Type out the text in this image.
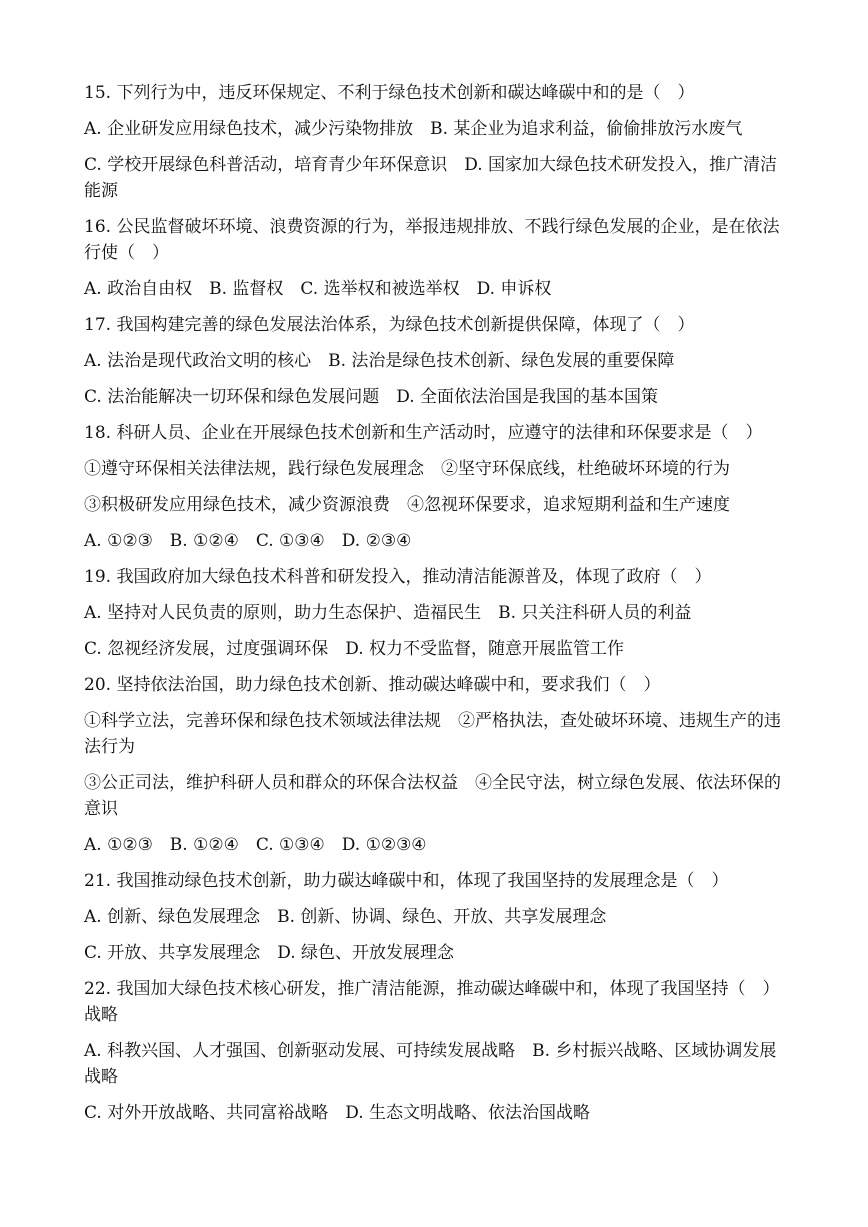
15. 下列行为中，违反环保规定、不利于绿色技术创新和碳达峰碳中和的是（　）
A. 企业研发应用绿色技术，减少污染物排放　B. 某企业为追求利益，偷偷排放污水废气
C. 学校开展绿色科普活动，培育青少年环保意识　D. 国家加大绿色技术研发投入，推广清洁能源
16. 公民监督破坏环境、浪费资源的行为，举报违规排放、不践行绿色发展的企业，是在依法行使（　）
A. 政治自由权　B. 监督权　C. 选举权和被选举权　D. 申诉权
17. 我国构建完善的绿色发展法治体系，为绿色技术创新提供保障，体现了（　）
A. 法治是现代政治文明的核心　B. 法治是绿色技术创新、绿色发展的重要保障
C. 法治能解决一切环保和绿色发展问题　D. 全面依法治国是我国的基本国策
18. 科研人员、企业在开展绿色技术创新和生产活动时，应遵守的法律和环保要求是（　）
①遵守环保相关法律法规，践行绿色发展理念　②坚守环保底线，杜绝破坏环境的行为
③积极研发应用绿色技术，减少资源浪费　④忽视环保要求，追求短期利益和生产速度
A. ①②③　B. ①②④　C. ①③④　D. ②③④
19. 我国政府加大绿色技术科普和研发投入，推动清洁能源普及，体现了政府（　）
A. 坚持对人民负责的原则，助力生态保护、造福民生　B. 只关注科研人员的利益
C. 忽视经济发展，过度强调环保　D. 权力不受监督，随意开展监管工作
20. 坚持依法治国，助力绿色技术创新、推动碳达峰碳中和，要求我们（　）
①科学立法，完善环保和绿色技术领域法律法规　②严格执法，查处破坏环境、违规生产的违法行为
③公正司法，维护科研人员和群众的环保合法权益　④全民守法，树立绿色发展、依法环保的意识
A. ①②③　B. ①②④　C. ①③④　D. ①②③④
21. 我国推动绿色技术创新，助力碳达峰碳中和，体现了我国坚持的发展理念是（　）
A. 创新、绿色发展理念　B. 创新、协调、绿色、开放、共享发展理念
C. 开放、共享发展理念　D. 绿色、开放发展理念
22. 我国加大绿色技术核心研发，推广清洁能源，推动碳达峰碳中和，体现了我国坚持（　）战略
A. 科教兴国、人才强国、创新驱动发展、可持续发展战略　B. 乡村振兴战略、区域协调发展战略
C. 对外开放战略、共同富裕战略　D. 生态文明战略、依法治国战略
